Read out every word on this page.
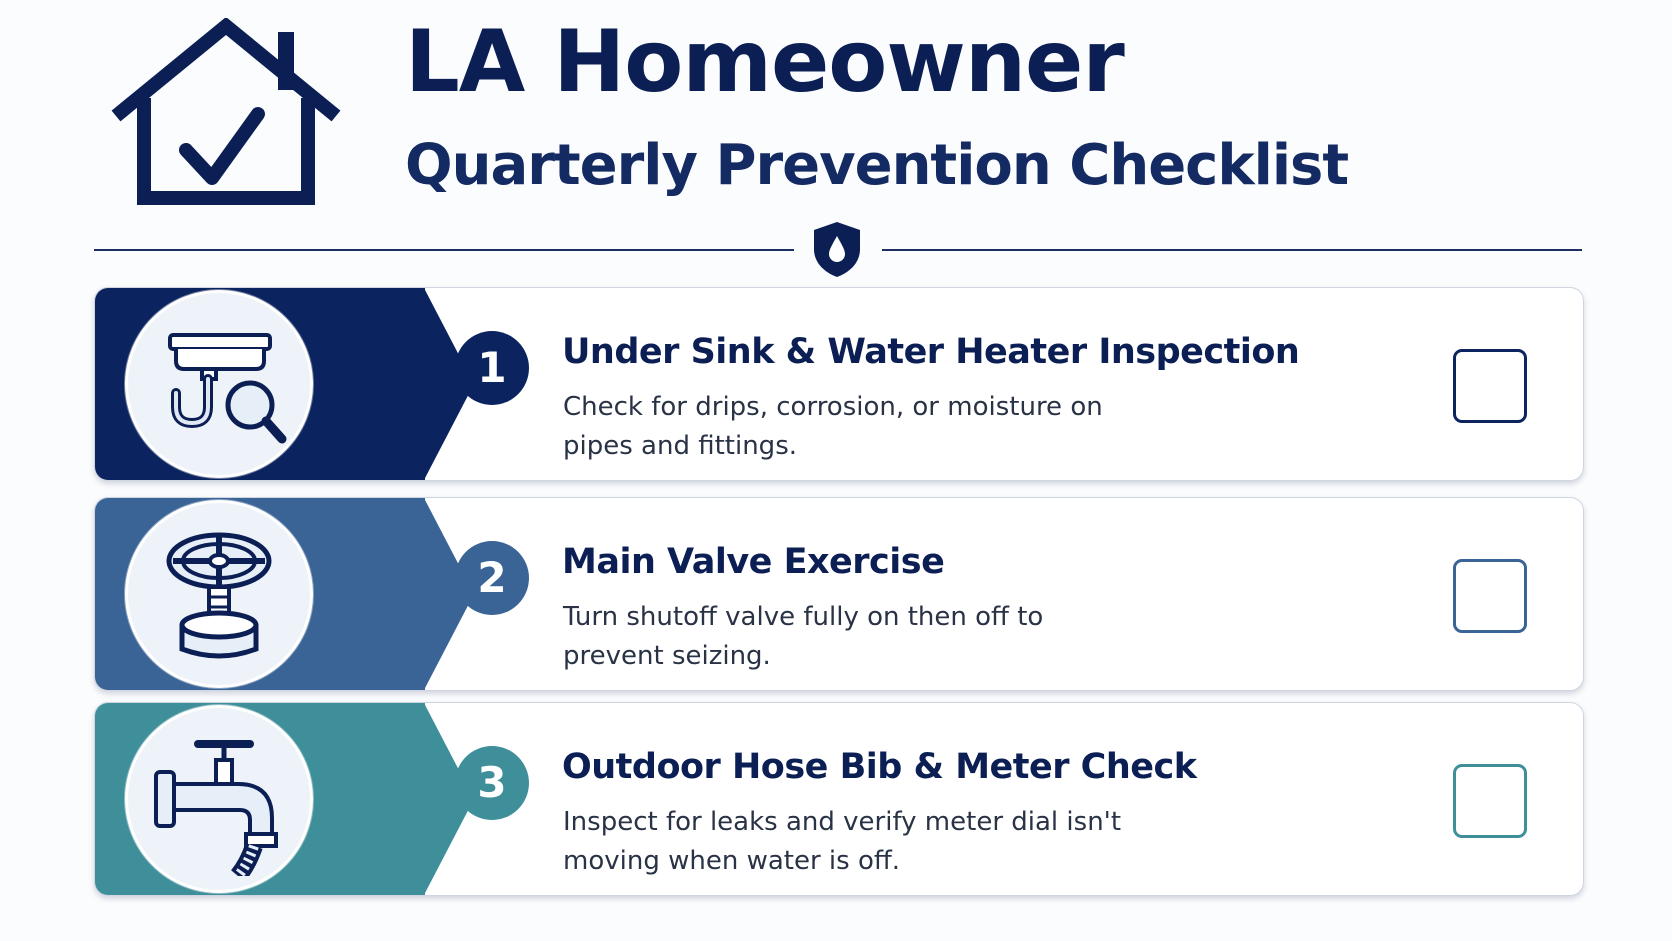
LA Homeowner
Quarterly Prevention Checklist
1	Under Sink & Water Heater Inspection

Check for drips, corrosion, or moisture on pipes and fittings.

2	Main Valve Exercise

Turn shutoff valve fully on then off to prevent seizing.

3	Outdoor Hose Bib & Meter Check

Inspect for leaks and verify meter dial isn't moving when water is off.
